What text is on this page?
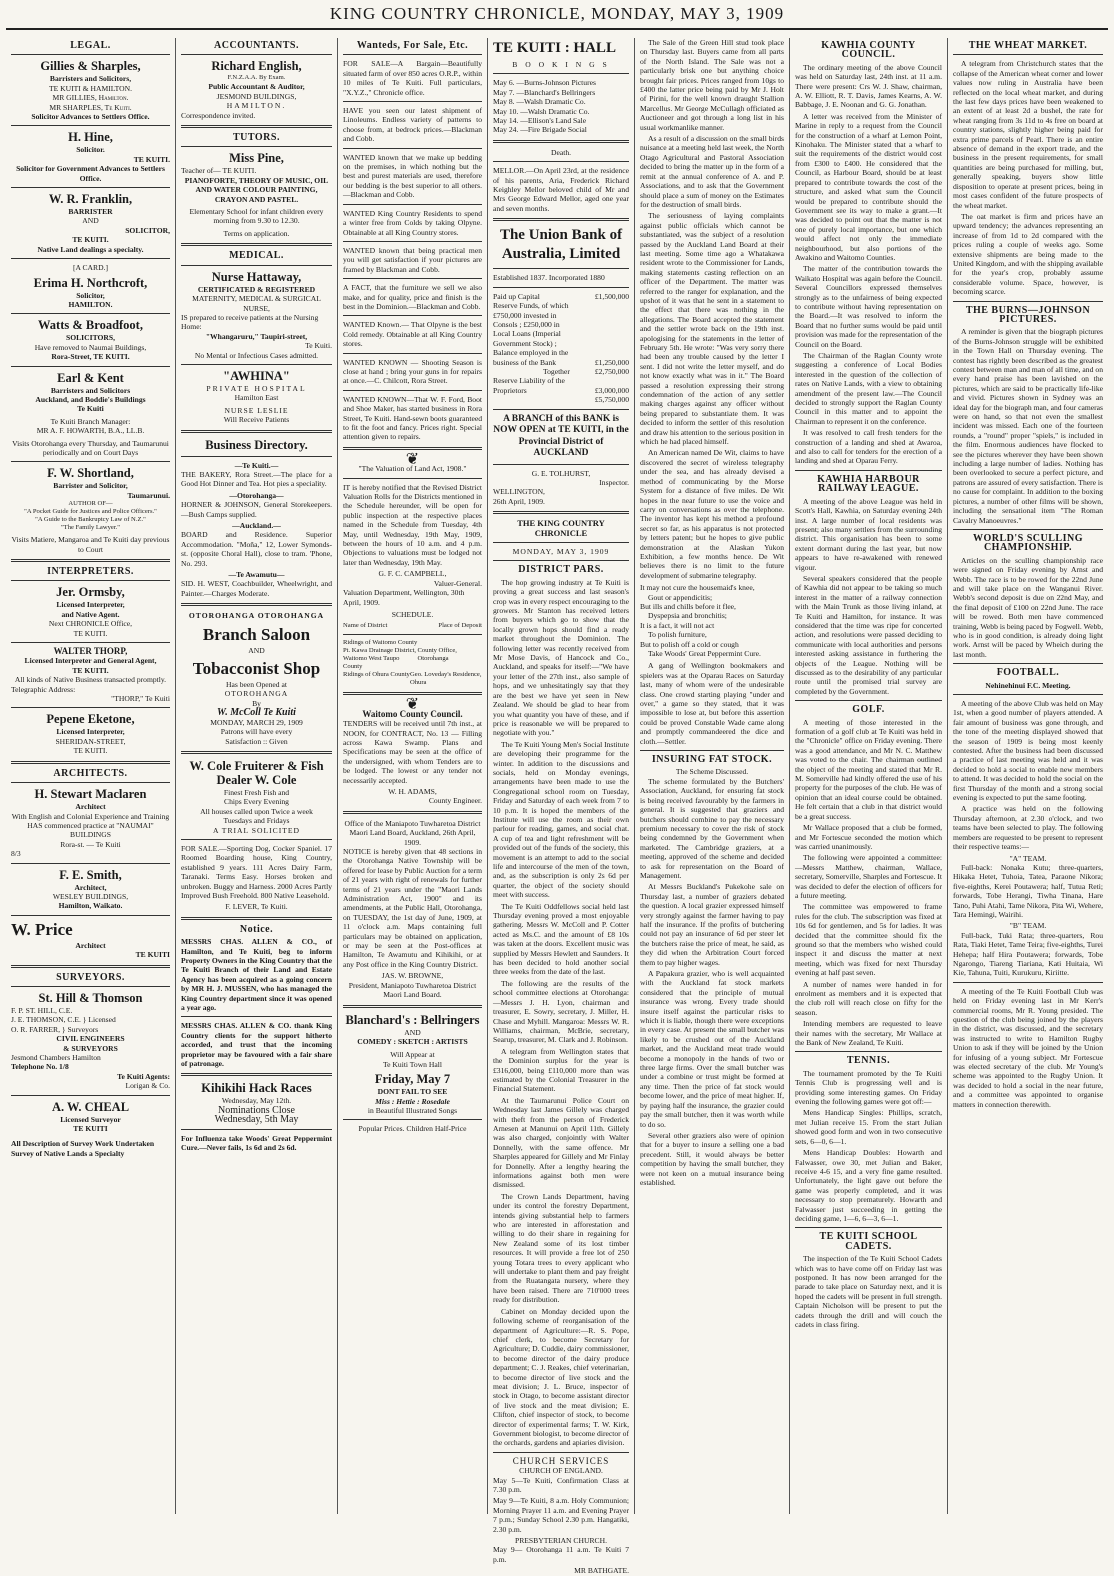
KING COUNTRY CHRONICLE, MONDAY, MAY 3, 1909
LEGAL.
Gillies & Sharples,
Barristers and Solicitors,
TE KUITI & HAMILTON.
MR GILLIES, Hamilton.
MR SHARPLES, Te Kuiti.
Solicitor Advances to Settlers Office.
H. Hine,
Solicitor.
TE KUITI.
Solicitor for Government Advances to Settlers Office.
W. R. Franklin,
BARRISTER
AND
SOLICITOR,
TE KUITI.
Native Land dealings a specialty.
[A CARD.]
Erima H. Northcroft,
Solicitor,
HAMILTON.
Watts & Broadfoot,
SOLICITORS,
Have removed to Naumai Buildings,
Rora-Street, TE KUITI.
Earl & Kent
Barristers and Solicitors
Auckland, and Boddie's Buildings
Te Kuiti
Te Kuiti Branch Manager:
MR A. F. HOWARTH, B.A., LL.B.
Visits Otorohanga every Thursday, and Taumarunui periodically and on Court Days
F. W. Shortland,
Barrister and Solicitor,
Taumarunui.
AUTHOR OF—
"A Pocket Guide for Justices and Police Officers."
"A Guide to the Bankruptcy Law of N.Z."
"The Family Lawyer."
Visits Matiere, Mangaroa and Te Kuiti day previous to Court
INTERPRETERS.
Jer. Ormsby,
Licensed Interpreter,
and Native Agent.
Next CHRONICLE Office,
TE KUITI.
WALTER THORP,
Licensed Interpreter and General Agent,
TE KUITI.
All kinds of Native Business transacted promptly.
Telegraphic Address:
"THORP," Te Kuiti
Pepene Eketone,
Licensed Interpreter,
SHERIDAN-STREET,
TE KUITI.
ARCHITECTS.
H. Stewart Maclaren
Architect
With English and Colonial Experience and Training
HAS commenced practice at "NAUMAI" BUILDINGS
Rora-st. — Te Kuiti
8/3
F. E. Smith,
Architect,
WESLEY BUILDINGS,
Hamilton, Waikato.
W. Price
Architect
TE KUITI
SURVEYORS.
St. Hill & Thomson
F. P. ST. HILL, C.E.
J. E. THOMSON, C.E. } Licensed
O. R. FARRER, } Surveyors
CIVIL ENGINEERS
& SURVEYORS
Jesmond Chambers Hamilton
Telephone No. 1/8
Te Kuiti Agents:
Lorigan & Co.
A. W. CHEAL
Licensed Surveyor
TE KUITI
All Description of Survey Work Undertaken
Survey of Native Lands a Specialty
ACCOUNTANTS.
Richard English,
F.N.Z.A.A. By Exam.
Public Accountant & Auditor,
JESMOND BUILDINGS,
HAMILTON.
Correspondence invited.
TUTORS.
Miss Pine,
Teacher of— TE KUITI.
PIANOFORTE, THEORY OF MUSIC, OIL AND WATER COLOUR PAINTING, CRAYON AND PASTEL.
Elementary School for infant children every morning from 9.30 to 12.30.
Terms on application.
MEDICAL.
Nurse Hattaway,
CERTIFICATED & REGISTERED
MATERNITY, MEDICAL & SURGICAL NURSE,
IS prepared to receive patients at the Nursing Home:
"Whangaruru," Taupiri-street,
Te Kuiti.
No Mental or Infectious Cases admitted.
"AWHINA"
PRIVATE HOSPITAL
Hamilton East
NURSE LESLIE
Will Receive Patients
Business Directory.
—Te Kuiti.—

THE BAKERY, Rora Street.—The place for a Good Hot Dinner and Tea. Hot pies a speciality.

—Otorohanga—

HORNER & JOHNSON, General Storekeepers.—Bush Camps supplied.

—Auckland.—

BOARD and Residence. Superior Accommodation. "Moña," 12, Lower Symonds-st. (opposite Choral Hall), close to tram. 'Phone, No. 293.

—Te Awamutu—

SID. H. WEST, Coachbuilder, Wheelwright, and Painter.—Charges Moderate.

OTOROHANGA OTOROHANGA
Branch Saloon
AND
Tobacconist Shop
Has been Opened at
OTOROHANGA
By
W. McColl Te Kuiti
MONDAY, MARCH 29, 1909
Patrons will have every
Satisfaction :: Given
W. Cole Fruiterer & Fish Dealer W. Cole
Finest Fresh Fish and
Chips Every Evening
All houses called upon Twice a week
Tuesdays and Fridays
A TRIAL SOLICITED

FOR SALE.—Sporting Dog, Cocker Spaniel. 17 Roomed Boarding house, King Country, established 9 years. 111 Acres Dairy Farm, Taranaki. Terms Easy. Horses broken and unbroken. Buggy and Harness. 2000 Acres Partly Improved Bush Freehold. 800 Native Leasehold.

F. LEVER, Te Kuiti.
Notice.

MESSRS CHAS. ALLEN & CO., of Hamilton, and Te Kuiti, beg to inform Property Owners in the King Country that the Te Kuiti Branch of their Land and Estate Agency has been acquired as a going concern by MR H. J. MUSSEN, who has managed the King Country department since it was opened a year ago.

MESSRS CHAS. ALLEN & CO. thank King Country clients for the support hitherto accorded, and trust that the incoming proprietor may be favoured with a fair share of patronage.

Kihikihi Hack Races
Wednesday, May 12th.
Nominations Close
Wednesday, 5th May

For Influenza take Woods' Great Peppermint Cure.—Never fails, 1s 6d and 2s 6d.

Wanteds, For Sale, Etc.

FOR SALE—A Bargain—Beautifully situated farm of over 850 acres O.R.P., within 10 miles of Te Kuiti. Full particulars, "X.Y.Z.," Chronicle office.

HAVE you seen our latest shipment of Linoleums. Endless variety of patterns to choose from, at bedrock prices.—Blackman and Cobb.

WANTED known that we make up bedding on the premises, in which nothing but the best and purest materials are used, therefore our bedding is the best superior to all others.—Blackman and Cobb.

WANTED King Country Residents to spend a winter free from Colds by taking Olpyne. Obtainable at all King Country stores.

WANTED known that being practical men you will get satisfaction if your pictures are framed by Blackman and Cobb.

A FACT, that the furniture we sell we also make, and for quality, price and finish is the best in the Dominion.—Blackman and Cobb.

WANTED Known.— That Olpyne is the best Cold remedy. Obtainable at all King Country stores.

WANTED KNOWN — Shooting Season is close at hand ; bring your guns in for repairs at once.—C. Chilcott, Rora Street.

WANTED KNOWN—That W. F. Ford, Boot and Shoe Maker, has started business in Rora Street, Te Kuiti. Hand-sewn boots guaranteed to fit the foot and fancy. Prices right. Special attention given to repairs.

❦
"The Valuation of Land Act, 1908."

IT is hereby notified that the Revised District Valuation Rolls for the Districts mentioned in the Schedule hereunder, will be open for public inspection at the respective places named in the Schedule from Tuesday, 4th May, until Wednesday, 19th May, 1909, between the hours of 10 a.m. and 4 p.m. Objections to valuations must be lodged not later than Wednesday, 19th May.

G. F. C. CAMPBELL,
Valuer-General.
Valuation Department, Wellington, 30th April, 1909.
SCHEDULE.
Name of District	Place of Deposit
Ridings of Waitomo County
Pt. Kawa Drainage District, Waitomo West Taupo County
County Office, Otorohanga
Ridings of Ohura County Geo. Loveday's Residence, Ohura
❦
Waitomo County Council.

TENDERS will be received until 7th inst., at NOON, for CONTRACT, No. 13 — Filling across Kawa Swamp. Plans and Specifications may be seen at the office of the undersigned, with whom Tenders are to be lodged. The lowest or any tender not necessarily accepted.

W. H. ADAMS,
County Engineer.
Office of the Maniapoto Tuwharetoa District Maori Land Board, Auckland, 26th April, 1909.

NOTICE is hereby given that 48 sections in the Otorohanga Native Township will be offered for lease by Public Auction for a term of 21 years with right of renewals for further terms of 21 years under the "Maori Lands Administration Act, 1900" and its amendments, at the Public Hall, Otorohanga, on TUESDAY, the 1st day of June, 1909, at 11 o'clock a.m. Maps containing full particulars may be obtained on application, or may be seen at the Post-offices at Hamilton, Te Awamutu and Kihikihi, or at any Post office in the King Country District.

JAS. W. BROWNE,
President, Maniapoto Tuwharetoa District Maori Land Board.
Blanchard's : Bellringers
AND
COMEDY : SKETCH : ARTISTS
Will Appear at
Te Kuiti Town Hall
Friday, May 7
DONT FAIL TO SEE
Miss : Hettie : Rosedale
in Beautiful Illustrated Songs
Popular Prices. Children Half-Price
TE KUITI : HALL
B O O K I N G S
May 6. —Burns-Johnson Pictures
May 7. —Blanchard's Bellringers
May 8. —Walsh Dramatic Co.
May 10. —Walsh Dramatic Co.
May 14. —Ellison's Land Sale
May 24. —Fire Brigade Social
Death.

MELLOR.—On April 23rd, at the residence of his parents, Aria, Frederick Richard Keighley Mellor beloved child of Mr and Mrs George Edward Mellor, aged one year and seven months.

The Union Bank of Australia, Limited
Established 1837. Incorporated 1880
Paid up Capital	£1,500,000
Reserve Funds, of which £750,000 invested in Consols ; £250,000 in Local Loans (Imperial Government Stock) ; Balance employed in the business of the Bank	£1,250,000
Together	£2,750,000
Reserve Liability of the Proprietors	£3,000,000
£5,750,000
A BRANCH of this BANK is NOW OPEN at TE KUITI, in the Provincial District of AUCKLAND
G. E. TOLHURST,
Inspector.
WELLINGTON,
26th April, 1909.
THE KING COUNTRY CHRONICLE
MONDAY, MAY 3, 1909
DISTRICT PARS.

The hop growing industry at Te Kuiti is proving a great success and last season's crop was in every respect encouraging to the growers. Mr Stanton has received letters from buyers which go to show that the locally grown hops should find a ready market throughout the Dominion. The following letter was recently received from Mr Mose Davis, of Hancock and Co., Auckland, and speaks for itself:—"We have your letter of the 27th inst., also sample of hops, and we unhesitatingly say that they are the best we have yet seen in New Zealand. We should be glad to hear from you what quantity you have of these, and if price is reasonable we will be prepared to negotiate with you."

The Te Kuiti Young Men's Social Institute are developing their programme for the winter. In addition to the discussions and socials, held on Monday evenings, arrangements have been made to use the Congregational school room on Tuesday, Friday and Saturday of each week from 7 to 10 p.m. It is hoped the members of the Institute will use the room as their own parlour for reading, games, and social chat. A cup of tea and light refreshment will be provided out of the funds of the society, this movement is an attempt to add to the social life and intercourse of the men of the town, and, as the subscription is only 2s 6d per quarter, the object of the society should meet with success.

The Te Kuiti Oddfellows social held last Thursday evening proved a most enjoyable gathering. Messrs W. McColl and P. Cotter acted as Ms.C. and the amount of £8 10s was taken at the doors. Excellent music was supplied by Messrs Hewlett and Saunders. It has been decided to hold another social three weeks from the date of the last.

The following are the results of the school committee elections at Otorohanga:—Messrs J. H. Lyon, chairman and treasurer, E. Sowry, secretary, J. Miller, H. Chase and Myhill. Mangaroa: Messrs W. R. Williams, chairman, McBrie, secretary, Searup, treasurer, M. Clark and J. Robinson.

A telegram from Wellington states that the Dominion surplus for the year is £316,000, being £110,000 more than was estimated by the Colonial Treasurer in the Financial Statement.

At the Taumarunui Police Court on Wednesday last James Gillely was charged with theft from the person of Frederick Arnesen at Manunui on April 11th. Gillely was also charged, conjointly with Walter Donnelly, with the same offence. Mr Sharples appeared for Gillely and Mr Finlay for Donnelly. After a lengthy hearing the informations against both men were dismissed.

The Crown Lands Department, having under its control the forestry Department, intends giving substantial help to farmers who are interested in afforestation and willing to do their share in regaining for New Zealand some of its lost timber resources. It will provide a free lot of 250 young Totara trees to every applicant who will undertake to plant them and pay freight from the Ruatangata nursery, where they have been raised. There are 710'000 trees ready for distribution.

Cabinet on Monday decided upon the following scheme of reorganisation of the department of Agriculture:—R. S. Pope, chief clerk, to become Secretary for Agriculture; D. Cuddie, dairy commissioner, to become director of the dairy produce department; C. J. Reakes, chief veterinarian, to become director of live stock and the meat division; J. L. Bruce, inspector of stock in Otago, to become assistant director of live stock and the meat division; E. Clifton, chief inspector of stock, to become director of experimental farms; T. W. Kirk, Government biologist, to become director of the orchards, gardens and apiaries division.

CHURCH SERVICES
CHURCH OF ENGLAND.

May 5—Te Kuiti, Confirmation Class at 7.30 p.m.

May 9—Te Kuiti, 8 a.m. Holy Communion; Morning Prayer 11 a.m. and Evening Prayer 7 p.m.; Sunday School 2.30 p.m. Hangatiki, 2.30 p.m.

PRESBYTERIAN CHURCH.

May 9— Otorohanga 11 a.m. Te Kuiti 7 p.m.

MR BATHGATE.

The Sale of the Green Hill stud took place on Thursday last. Buyers came from all parts of the North Island. The Sale was not a particularly brisk one but anything choice brought fair prices. Prices ranged from 10gs to £400 the latter price being paid by Mr J. Holt of Pirini, for the well known draught Stallion Marcellus. Mr George McCullagh officiated as Auctioneer and got through a long list in his usual workmanlike manner.

As a result of a discussion on the small birds nuisance at a meeting held last week, the North Otago Agricultural and Pastoral Association decided to bring the matter up in the form of a remit at the annual conference of A. and P. Associations, and to ask that the Government should place a sum of money on the Estimates for the destruction of small birds.

The seriousness of laying complaints against public officials which cannot be substantiated, was the subject of a resolution passed by the Auckland Land Board at their last meeting. Some time ago a Whatakawa resident wrote to the Commissioner for Lands, making statements casting reflection on an officer of the Department. The matter was referred to the ranger for explanation, and the upshot of it was that he sent in a statement to the effect that there was nothing in the allegations. The Board accepted the statement and the settler wrote back on the 19th inst. apologising for the statements in the letter of February 5th. He wrote: "Was very sorry there had been any trouble caused by the letter I sent. I did not write the letter myself, and do not know exactly what was in it." The Board passed a resolution expressing their strong condemnation of the action of any settler making charges against any officer without being prepared to substantiate them. It was decided to inform the settler of this resolution and draw his attention to the serious position in which he had placed himself.

An American named De Wit, claims to have discovered the secret of wireless telegraphy under the sea, and has already devised a method of communicating by the Morse System for a distance of five miles. De Wit hopes in the near future to use the voice and carry on conversations as over the telephone. The inventor has kept his method a profound secret so far, as his apparatus is not protected by letters patent; but he hopes to give public demonstration at the Alaskan Yukon Exhibition, a few months hence. De Wit believes there is no limit to the future development of submarine telegraphy.

It may not cure the housemaid's knee,
Gout or appendicitis;
But ills and chills before it flee,
Dyspepsia and bronchitis;
It is a fact, it will not act
To polish furniture,
But to polish off a cold or cough
Take Woods' Great Peppermint Cure.

A gang of Wellington bookmakers and spielers was at the Oparau Races on Saturday last, many of whom were of the undesirable class. One crowd starting playing "under and over," a game so they stated, that it was impossible to lose at, but before this assertion could be proved Constable Wade came along and promptly commandeered the dice and cloth.—Settler.

INSURING FAT STOCK.
The Scheme Discussed.

The scheme formulated by the Butchers' Association, Auckland, for ensuring fat stock is being received favourably by the farmers in general. It is suggested that graziers and butchers should combine to pay the necessary premium necessary to cover the risk of stock being condemned by the Government when marketed. The Cambridge graziers, at a meeting, approved of the scheme and decided to ask for representation on the Board of Management.

At Messrs Buckland's Pukekohe sale on Thursday last, a number of graziers debated the question. A local grazier expressed himself very strongly against the farmer having to pay half the insurance. If the profits of butchering could not pay an insurance of 6d per steer let the butchers raise the price of meat, he said, as they did when the Arbitration Court forced them to pay higher wages.

A Papakura grazier, who is well acquainted with the Auckland fat stock markets considered that the principle of mutual insurance was wrong. Every trade should insure itself against the particular risks to which it is liable, though there were exceptions in every case. At present the small butcher was likely to be crushed out of the Auckland market, and the Auckland meat trade would become a monopoly in the hands of two or three large firms. Over the small butcher was under a combine or trust might be formed at any time. Then the price of fat stock would become lower, and the price of meat higher. If, by paying half the insurance, the grazier could pay the small butcher, then it was worth while to do so.

Several other graziers also were of opinion that for a buyer to insure a selling one a bad precedent. Still, it would always be better competition by having the small butcher, they were not keen on a mutual insurance being established.

KAWHIA COUNTY COUNCIL.

The ordinary meeting of the above Council was held on Saturday last, 24th inst. at 11 a.m. There were present: Crs W. J. Shaw, chairman, A. W. Elliott, R. T. Davis, James Kearns, A. W. Babbage, J. E. Noonan and G. G. Jonathan.

A letter was received from the Minister of Marine in reply to a request from the Council for the construction of a wharf at Lemon Point, Kinohaku. The Minister stated that a wharf to suit the requirements of the district would cost from £300 to £400. He considered that the Council, as Harbour Board, should be at least prepared to contribute towards the cost of the structure, and asked what sum the Council would be prepared to contribute should the Government see its way to make a grant.—It was decided to point out that the matter is not one of purely local importance, but one which would affect not only the immediate neighbourhood, but also portions of the Awakino and Waitomo Counties.

The matter of the contribution towards the Waikato Hospital was again before the Council. Several Councillors expressed themselves strongly as to the unfairness of being expected to contribute without having representation on the Board.—It was resolved to inform the Board that no further sums would be paid until provision was made for the representation of the Council on the Board.

The Chairman of the Raglan County wrote suggesting a conference of Local Bodies interested in the question of the collection of rates on Native Lands, with a view to obtaining amendment of the present law.—The Council decided to strongly support the Raglan County Council in this matter and to appoint the Chairman to represent it on the conference.

It was resolved to call fresh tenders for the construction of a landing and shed at Awaroa, and also to call for tenders for the erection of a landing and shed at Oparau Ferry.

KAWHIA HARBOUR RAILWAY LEAGUE.

A meeting of the above League was held in Scott's Hall, Kawhia, on Saturday evening 24th inst. A large number of local residents was present; also many settlers from the surrounding district. This organisation has been to some extent dormant during the last year, but now appears to have re-awakened with renewed vigour.

Several speakers considered that the people of Kawhia did not appear to be taking so much interest in the matter of a railway connection with the Main Trunk as those living inland, at Te Kuiti and Hamilton, for instance. It was considered that the time was ripe for concerted action, and resolutions were passed deciding to communicate with local authorities and persons interested asking assistance in furthering the objects of the League. Nothing will be discussed as to the desirability of any particular route until the promised trial survey are completed by the Government.

GOLF.

A meeting of those interested in the formation of a golf club at Te Kuiti was held in the "Chronicle" office on Friday evening. There was a good attendance, and Mr N. C. Matthew was voted to the chair. The chairman outlined the object of the meeting and stated that Mr R. M. Somerville had kindly offered the use of his property for the purposes of the club. He was of opinion that an ideal course could be obtained. He felt certain that a club in that district would be a great success.

Mr Wallace proposed that a club be formed, and Mr Fortescue seconded the motion which was carried unanimously.

The following were appointed a committee:—Messrs Matthew, chairman, Wallace, secretary, Somerville, Sharples and Fortescue. It was decided to defer the election of officers for a future meeting.

The committee was empowered to frame rules for the club. The subscription was fixed at 10s 6d for gentlemen, and 5s for ladies. It was decided that the committee should fix the ground so that the members who wished could inspect it and discuss the matter at next meeting, which was fixed for next Thursday evening at half past seven.

A number of names were handed in for enrolment as members and it is expected that the club roll will reach close on fifty for the season.

Intending members are requested to leave their names with the secretary, Mr Wallace at the Bank of New Zealand, Te Kuiti.

TENNIS.

The tournament promoted by the Te Kuiti Tennis Club is progressing well and is providing some interesting games. On Friday evening the following games were got off:—

Mens Handicap Singles: Phillips, scratch, met Julian receive 15. From the start Julian showed good form and won in two consecutive sets, 6—0, 6—1.

Mens Handicap Doubles: Howarth and Falwasser, owe 30, met Julian and Baker, receive 4-6 15, and a very fine game resulted. Unfortunately, the light gave out before the game was properly completed, and it was necessary to stop prematurely. Howarth and Falwasser just succeeding in getting the deciding game, 1—6, 6—3, 6—1.

TE KUITI SCHOOL CADETS.

The inspection of the Te Kuiti School Cadets which was to have come off on Friday last was postponed. It has now been arranged for the parade to take place on Saturday next, and it is hoped the cadets will be present in full strength. Captain Nicholson will be present to put the cadets through the drill and will couch the cadets in class firing.

THE WHEAT MARKET.

A telegram from Christchurch states that the collapse of the American wheat corner and lower values now ruling in Australia have been reflected on the local wheat market, and during the last few days prices have been weakened to an extent of at least 2d a bushel, the rate for wheat ranging from 3s 11d to 4s free on board at country stations, slightly higher being paid for extra prime parcels of Pearl. There is an entire absence of demand in the export trade, and the business in the present requirements, for small quantities are being purchased for milling, but, generally speaking, buyers show little disposition to operate at present prices, being in most cases confident of the future prospects of the wheat market.

The oat market is firm and prices have an upward tendency; the advances representing an increase of from 1d to 2d compared with the prices ruling a couple of weeks ago. Some extensive shipments are being made to the United Kingdom, and with the shipping available for the year's crop, probably assume considerable volume. Space, however, is becoming scarce.

THE BURNS—JOHNSON PICTURES.

A reminder is given that the biograph pictures of the Burns-Johnson struggle will be exhibited in the Town Hall on Thursday evening. The contest has rightly been described as the greatest contest between man and man of all time, and on every hand praise has been lavished on the pictures, which are said to be practically life-like and vivid. Pictures shown in Sydney was an ideal day for the biograph man, and four cameras were on hand, so that not even the smallest incident was missed. Each one of the fourteen rounds, a "round" proper "spiels," is included in the film. Enormous audiences have flocked to see the pictures wherever they have been shown including a large number of ladies. Nothing has been overlooked to secure a perfect picture, and patrons are assured of every satisfaction. There is no cause for complaint. In addition to the boxing pictures, a number of other films will be shown, including the sensational item "The Roman Cavalry Manoeuvres."

WORLD'S SCULLING CHAMPIONSHIP.

Articles on the sculling championship race were signed on Friday evening by Arnst and Webb. The race is to be rowed for the 22nd June and will take place on the Wanganui River. Webb's second deposit is due on 22nd May, and the final deposit of £100 on 22nd June. The race will be rowed. Both men have commenced training, Webb is being paced by Fogwell. Webb, who is in good condition, is already doing light work. Arnst will be paced by Wheich during the last month.

FOOTBALL.
Nehinehinui F.C. Meeting.

A meeting of the above Club was held on May 1st, when a good number of players attended. A fair amount of business was gone through, and the tone of the meeting displayed showed that the season of 1909 is being most keenly contested. After the business had been discussed a practice of last meeting was held and it was decided to hold a social to enable new members to attend. It was decided to hold the social on the first Thursday of the month and a strong social evening is expected to put the same footing.

A practice was held on the following Thursday afternoon, at 2.30 o'clock, and two teams have been selected to play. The following members are requested to be present to represent their respective teams:—

"A" TEAM.

Full-back: Nonaka Kutu; three-quarters, Hikaka Hetet, Tuhoia, Tatea, Paraone Nikora; five-eighths, Kerei Poutawera; half, Tutua Reti; forwards, Tobe Herangi, Tiwha Tinana, Hare Tano, Puhi Atahi, Tame Nikora, Pita Wi, Wehere, Tara Hemingi, Wairihi.

"B" TEAM.

Full-back, Tuki Rata; three-quarters, Rou Rata, Tiaki Hetet, Tame Teira; five-eighths, Turei Hehepa; half Hira Poutawera; forwards, Tobe Ngarongo, Tiareng Tiariana, Kati Huitaia, Wi Kie, Tahuna, Tuiti, Kurukuru, Kiriitte.

A meeting of the Te Kuiti Football Club was held on Friday evening last in Mr Kerr's commercial rooms, Mr R. Young presided. The question of the club being joined by the players in the district, was discussed, and the secretary was instructed to write to Hamilton Rugby Union to ask if they will be joined by the Union for infusing of a young subject. Mr Fortescue was elected secretary of the club. Mr Young's scheme was appointed to the Rugby Union. It was decided to hold a social in the near future, and a committee was appointed to organise matters in connection therewith.
